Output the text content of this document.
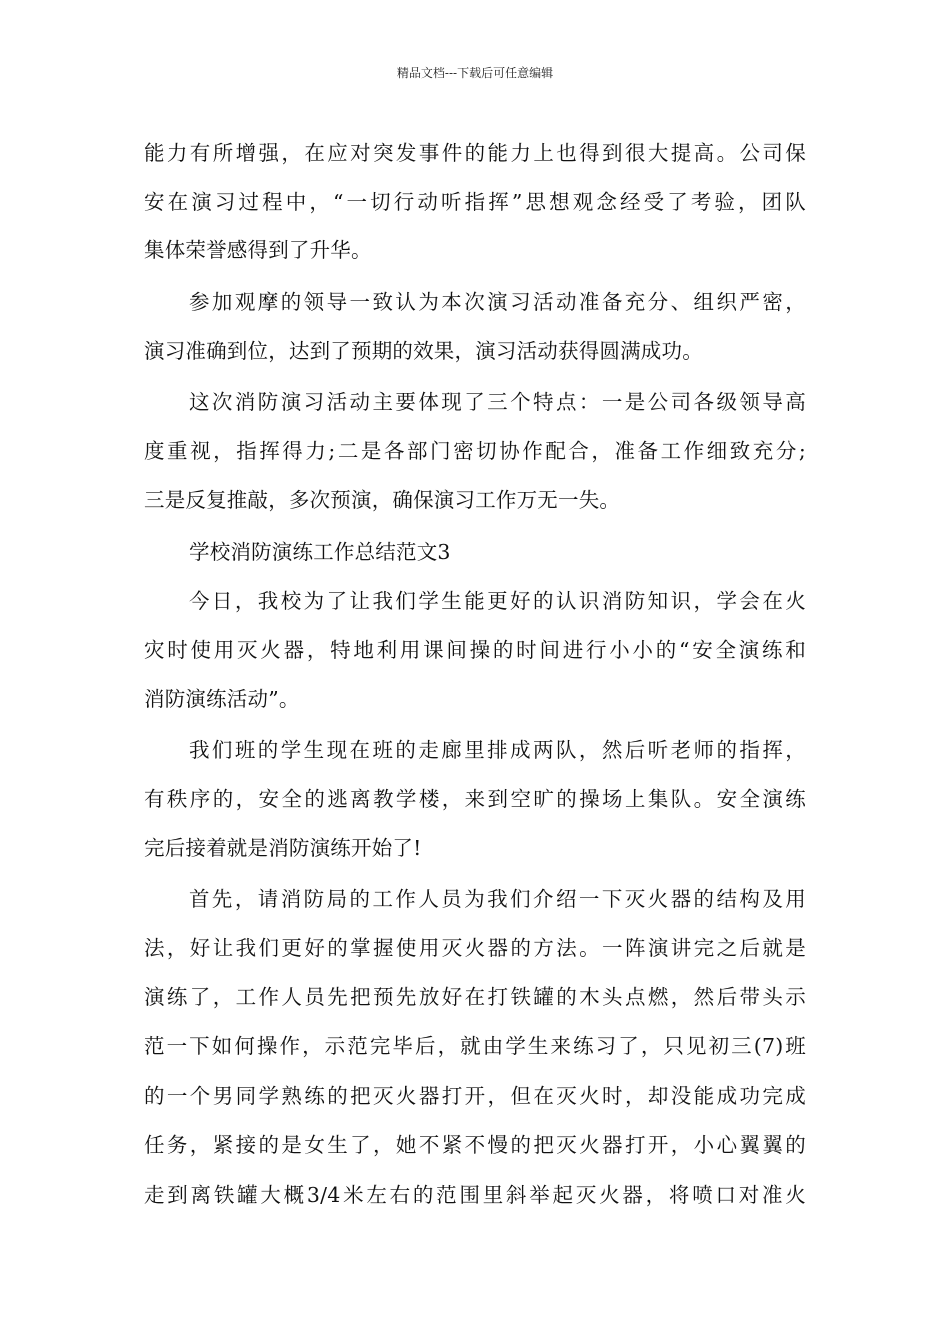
精品文档---下载后可任意编辑
能力有所增强，在应对突发事件的能力上也得到很大提高。公司保
安在演习过程中，“一切行动听指挥”思想观念经受了考验，团队
集体荣誉感得到了升华。
参加观摩的领导一致认为本次演习活动准备充分、组织严密，
演习准确到位，达到了预期的效果，演习活动获得圆满成功。
这次消防演习活动主要体现了三个特点：一是公司各级领导高
度重视，指挥得力;二是各部门密切协作配合，准备工作细致充分;
三是反复推敲，多次预演，确保演习工作万无一失。
学校消防演练工作总结范文3
今日，我校为了让我们学生能更好的认识消防知识，学会在火
灾时使用灭火器，特地利用课间操的时间进行小小的“安全演练和
消防演练活动”。
我们班的学生现在班的走廊里排成两队，然后听老师的指挥，
有秩序的，安全的逃离教学楼，来到空旷的操场上集队。安全演练
完后接着就是消防演练开始了!
首先，请消防局的工作人员为我们介绍一下灭火器的结构及用
法，好让我们更好的掌握使用灭火器的方法。一阵演讲完之后就是
演练了，工作人员先把预先放好在打铁罐的木头点燃，然后带头示
范一下如何操作，示范完毕后，就由学生来练习了，只见初三(7)班
的一个男同学熟练的把灭火器打开，但在灭火时，却没能成功完成
任务，紧接的是女生了，她不紧不慢的把灭火器打开，小心翼翼的
走到离铁罐大概3/4米左右的范围里斜举起灭火器，将喷口对准火
